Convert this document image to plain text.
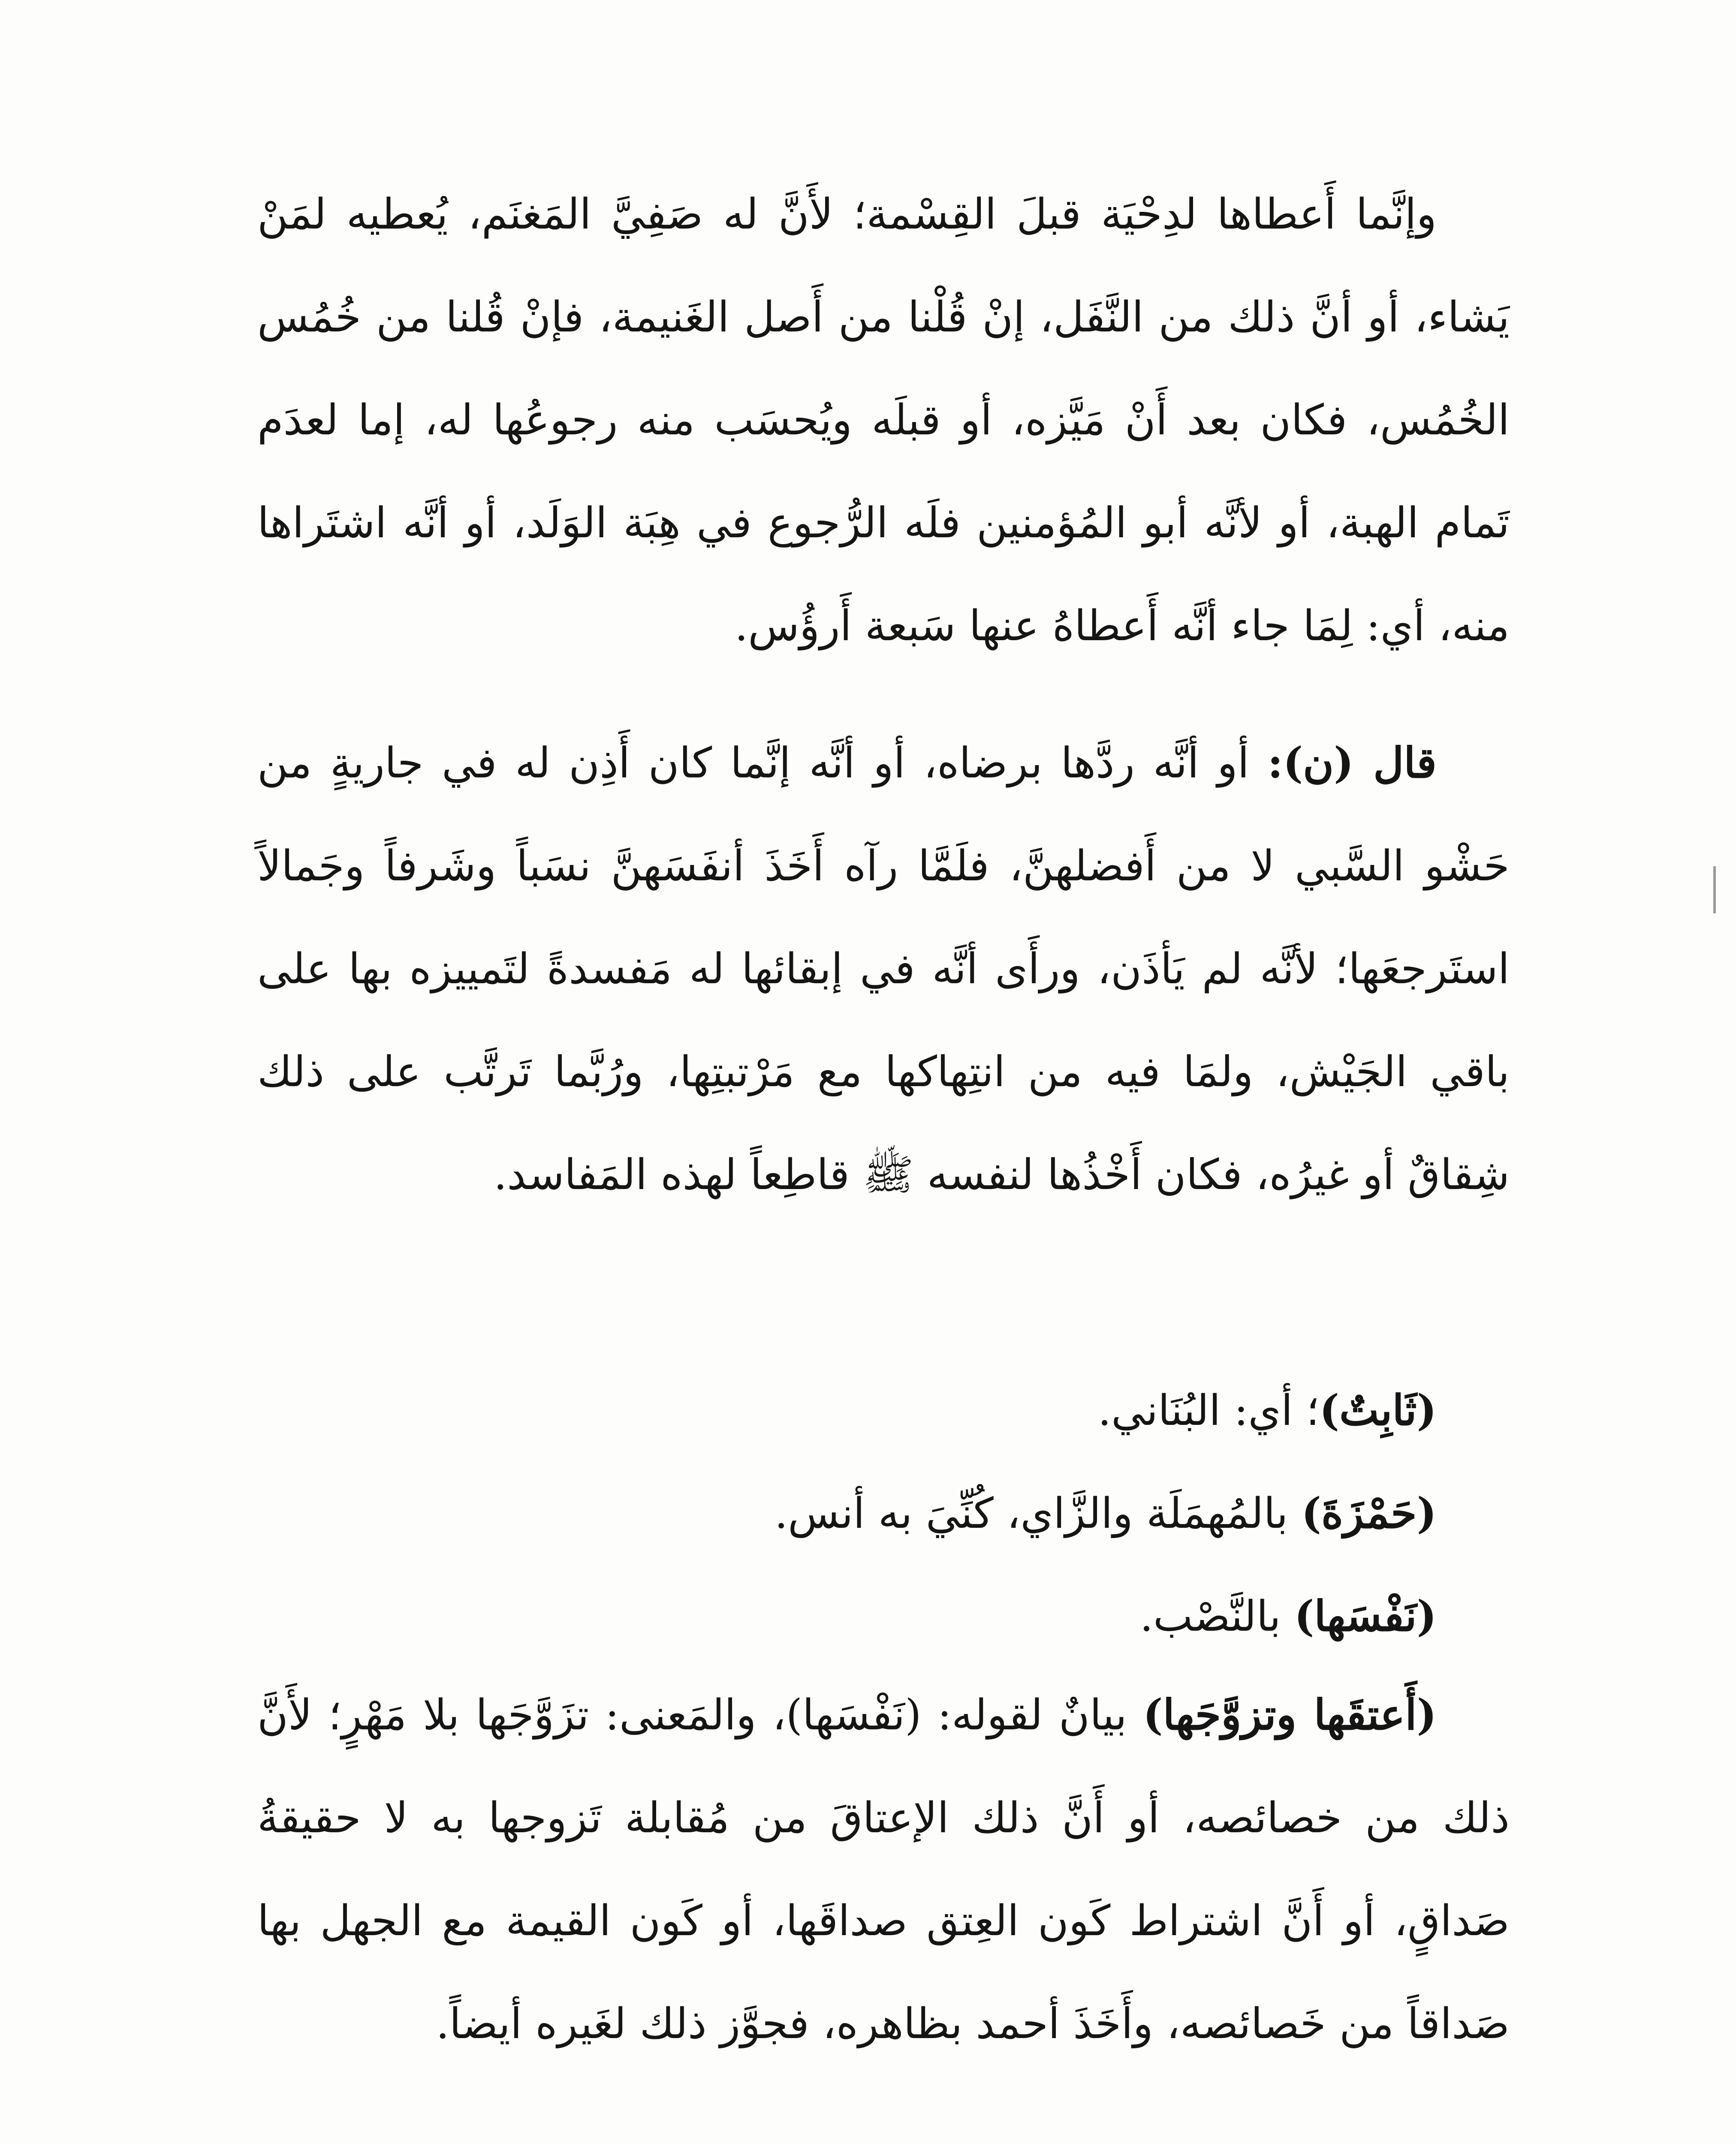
وإنَّما أَعطاها لدِحْيَة قبلَ القِسْمة؛ لأَنَّ له صَفِيَّ المَغنَم، يُعطيه لمَنْ يَشاء، أو أنَّ ذلك من النَّفَل، إنْ قُلْنا من أَصل الغَنيمة، فإنْ قُلنا من خُمُس الخُمُس، فكان بعد أَنْ مَيَّزه، أو قبلَه ويُحسَب منه رجوعُها له، إما لعدَم تَمام الهبة، أو لأنَّه أبو المُؤمنين فلَه الرُّجوع في هِبَة الوَلَد، أو أنَّه اشتَراها منه، أي: لِمَا جاء أنَّه أَعطاهُ عنها سَبعة أَرؤُس.
قال (ن): أو أنَّه ردَّها برضاه، أو أنَّه إنَّما كان أَذِن له في جاريةٍ من حَشْو السَّبي لا من أَفضلهنَّ، فلَمَّا رآه أَخَذَ أنفَسَهنَّ نسَباً وشَرفاً وجَمالاً استَرجعَها؛ لأنَّه لم يَأذَن، ورأَى أنَّه في إبقائها له مَفسدةً لتَمييزه بها على باقي الجَيْش، ولمَا فيه من انتِهاكها مع مَرْتبتِها، ورُبَّما تَرتَّب على ذلك شِقاقٌ أو غيرُه، فكان أَخْذُها لنفسه ﷺ قاطِعاً لهذه المَفاسد.
(ثَابِتٌ)؛ أي: البُنَاني.
(حَمْزَةَ) بالمُهمَلَة والزَّاي، كُنِّيَ به أنس.
(نَفْسَها) بالنَّصْب.
(أَعتقَها وتزوَّجَها) بيانٌ لقوله: (نَفْسَها)، والمَعنى: تزَوَّجَها بلا مَهْرٍ؛ لأَنَّ ذلك من خصائصه، أو أَنَّ ذلك الإعتاقَ من مُقابلة تَزوجها به لا حقيقةُ صَداقٍ، أو أَنَّ اشتراط كَون العِتق صداقَها، أو كَون القيمة مع الجهل بها صَداقاً من خَصائصه، وأَخَذَ أحمد بظاهره، فجوَّز ذلك لغَيره أيضاً.
